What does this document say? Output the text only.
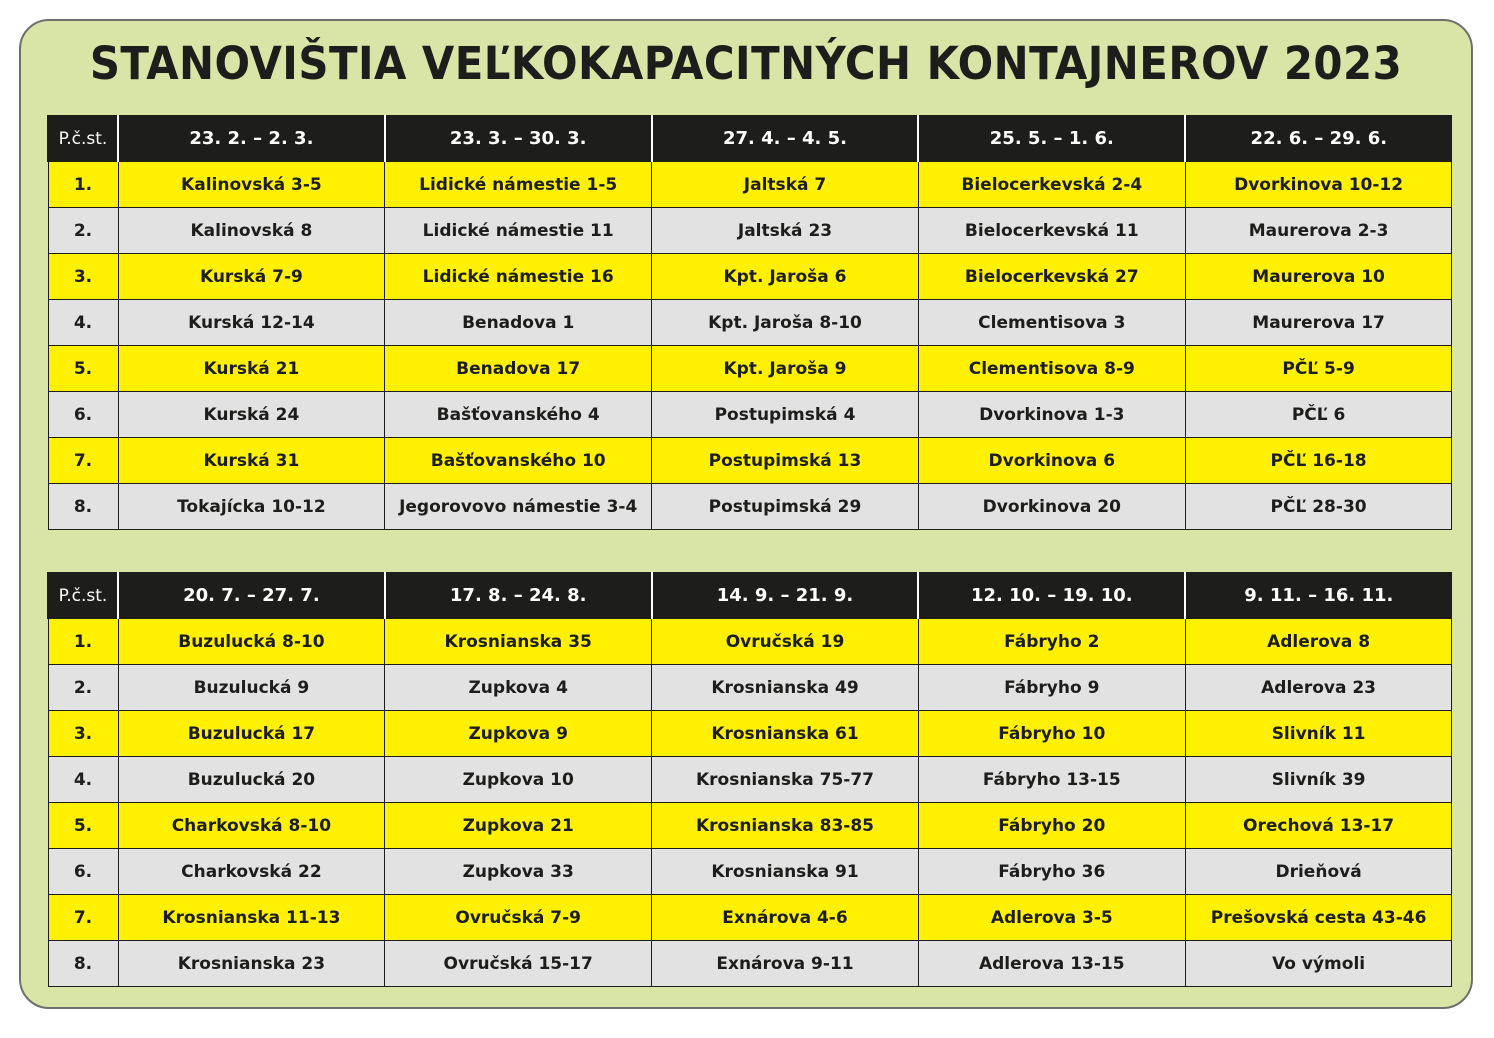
STANOVIŠTIA VEĽKOKAPACITNÝCH KONTAJNEROV 2023
P.č.st.	23. 2. – 2. 3.	23. 3. – 30. 3.	27. 4. – 4. 5.	25. 5. – 1. 6.	22. 6. – 29. 6.
1.	Kalinovská 3-5	Lidické námestie 1-5	Jaltská 7	Bielocerkevská 2-4	Dvorkinova 10-12
2.	Kalinovská 8	Lidické námestie 11	Jaltská 23	Bielocerkevská 11	Maurerova 2-3
3.	Kurská 7-9	Lidické námestie 16	Kpt. Jaroša 6	Bielocerkevská 27	Maurerova 10
4.	Kurská 12-14	Benadova 1	Kpt. Jaroša 8-10	Clementisova 3	Maurerova 17
5.	Kurská 21	Benadova 17	Kpt. Jaroša 9	Clementisova 8-9	PČĽ 5-9
6.	Kurská 24	Bašťovanského 4	Postupimská 4	Dvorkinova 1-3	PČĽ 6
7.	Kurská 31	Bašťovanského 10	Postupimská 13	Dvorkinova 6	PČĽ 16-18
8.	Tokajícka 10-12	Jegorovovo námestie 3-4	Postupimská 29	Dvorkinova 20	PČĽ 28-30
P.č.st.	20. 7. – 27. 7.	17. 8. – 24. 8.	14. 9. – 21. 9.	12. 10. – 19. 10.	9. 11. – 16. 11.
1.	Buzulucká 8-10	Krosnianska 35	Ovručská 19	Fábryho 2	Adlerova 8
2.	Buzulucká 9	Zupkova 4	Krosnianska 49	Fábryho 9	Adlerova 23
3.	Buzulucká 17	Zupkova 9	Krosnianska 61	Fábryho 10	Slivník 11
4.	Buzulucká 20	Zupkova 10	Krosnianska 75-77	Fábryho 13-15	Slivník 39
5.	Charkovská 8-10	Zupkova 21	Krosnianska 83-85	Fábryho 20	Orechová 13-17
6.	Charkovská 22	Zupkova 33	Krosnianska 91	Fábryho 36	Drieňová
7.	Krosnianska 11-13	Ovručská 7-9	Exnárova 4-6	Adlerova 3-5	Prešovská cesta 43-46
8.	Krosnianska 23	Ovručská 15-17	Exnárova 9-11	Adlerova 13-15	Vo výmoli
